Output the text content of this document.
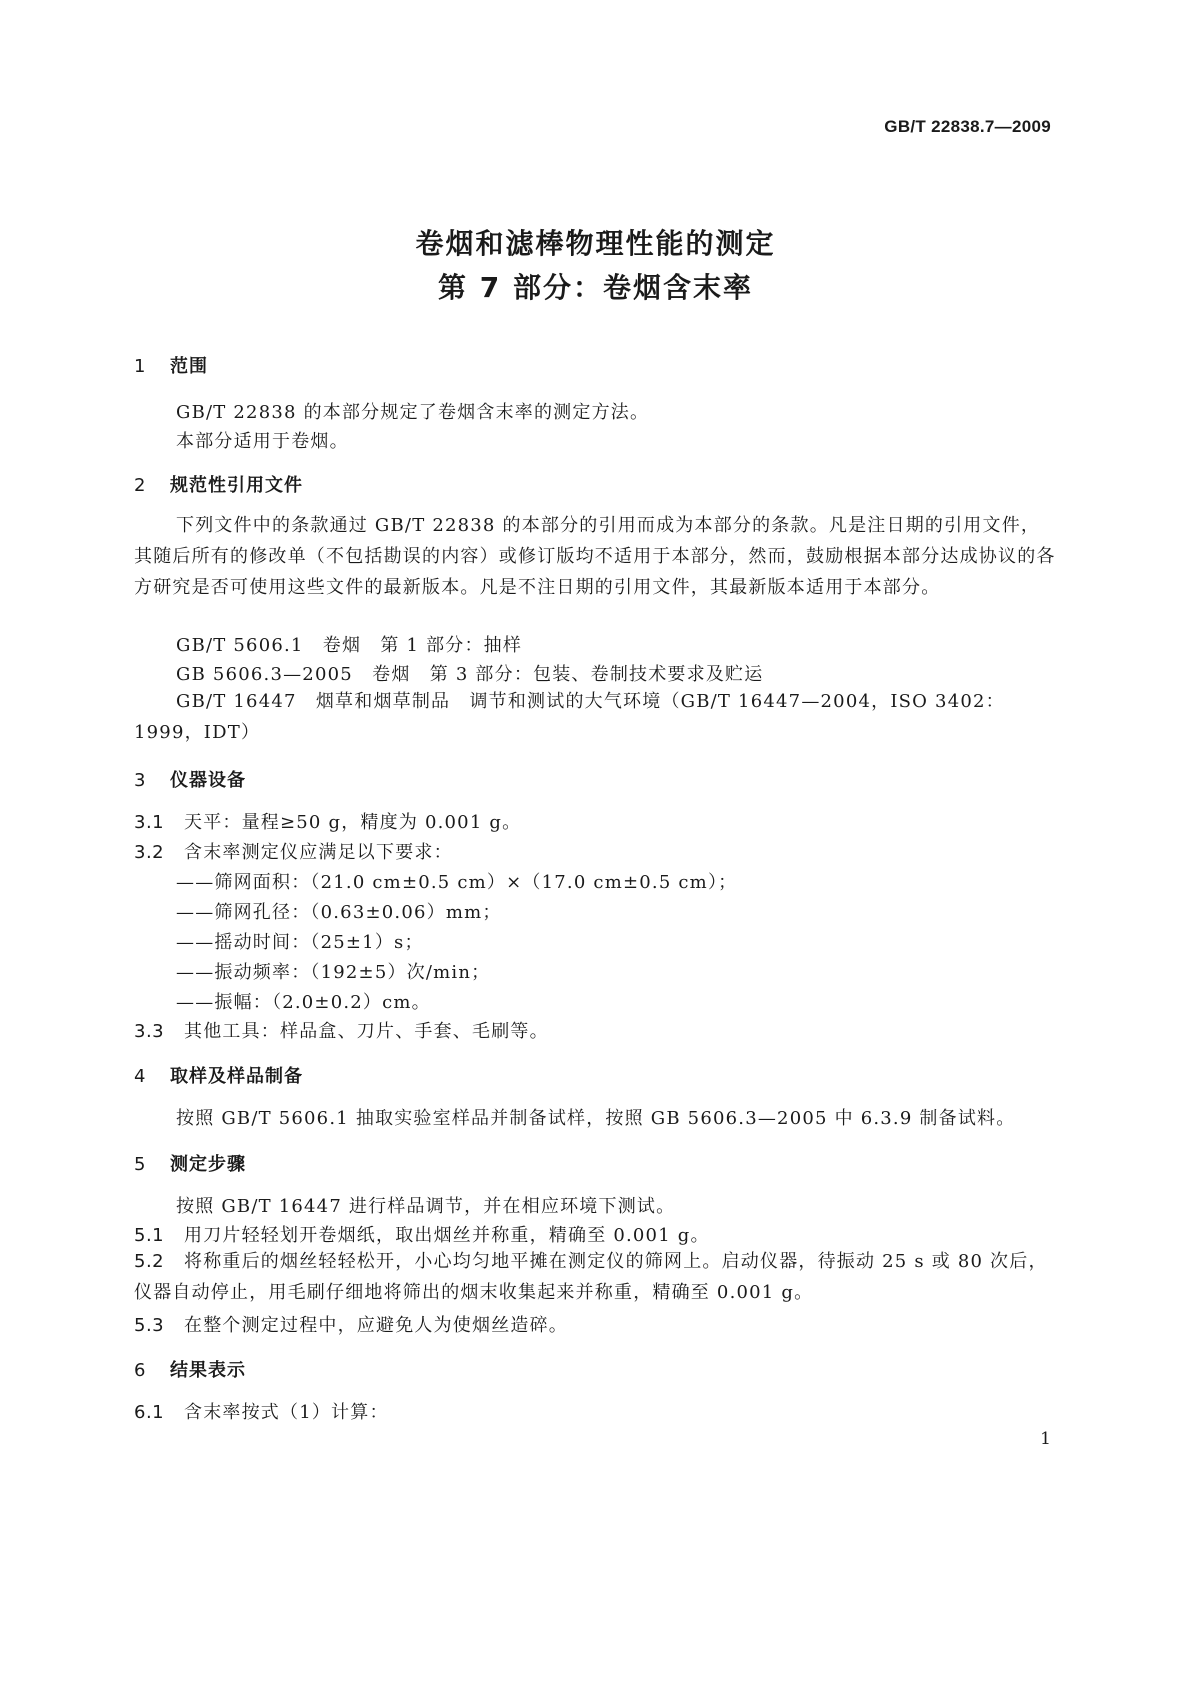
GB/T 22838.7—2009
卷烟和滤棒物理性能的测定
第 7 部分：卷烟含末率
1 范围
GB/T 22838 的本部分规定了卷烟含末率的测定方法。
本部分适用于卷烟。
2 规范性引用文件
下列文件中的条款通过 GB/T 22838 的本部分的引用而成为本部分的条款。凡是注日期的引用文件，其随后所有的修改单（不包括勘误的内容）或修订版均不适用于本部分，然而，鼓励根据本部分达成协议的各方研究是否可使用这些文件的最新版本。凡是不注日期的引用文件，其最新版本适用于本部分。
GB/T 5606.1　卷烟　第 1 部分：抽样
GB 5606.3—2005　卷烟　第 3 部分：包装、卷制技术要求及贮运
GB/T 16447　烟草和烟草制品　调节和测试的大气环境（GB/T 16447—2004，ISO 3402：1999，IDT）
3 仪器设备
3.1 天平：量程≥50 g，精度为 0.001 g。
3.2 含末率测定仪应满足以下要求：
——筛网面积：（21.0 cm±0.5 cm）×（17.0 cm±0.5 cm）；
——筛网孔径：（0.63±0.06）mm；
——摇动时间：（25±1）s；
——振动频率：（192±5）次/min；
——振幅：（2.0±0.2）cm。
3.3 其他工具：样品盒、刀片、手套、毛刷等。
4 取样及样品制备
按照 GB/T 5606.1 抽取实验室样品并制备试样，按照 GB 5606.3—2005 中 6.3.9 制备试料。
5 测定步骤
按照 GB/T 16447 进行样品调节，并在相应环境下测试。
5.1 用刀片轻轻划开卷烟纸，取出烟丝并称重，精确至 0.001 g。
5.2 将称重后的烟丝轻轻松开，小心均匀地平摊在测定仪的筛网上。启动仪器，待振动 25 s 或 80 次后，仪器自动停止，用毛刷仔细地将筛出的烟末收集起来并称重，精确至 0.001 g。
5.3 在整个测定过程中，应避免人为使烟丝造碎。
6 结果表示
6.1 含末率按式（1）计算：
1
